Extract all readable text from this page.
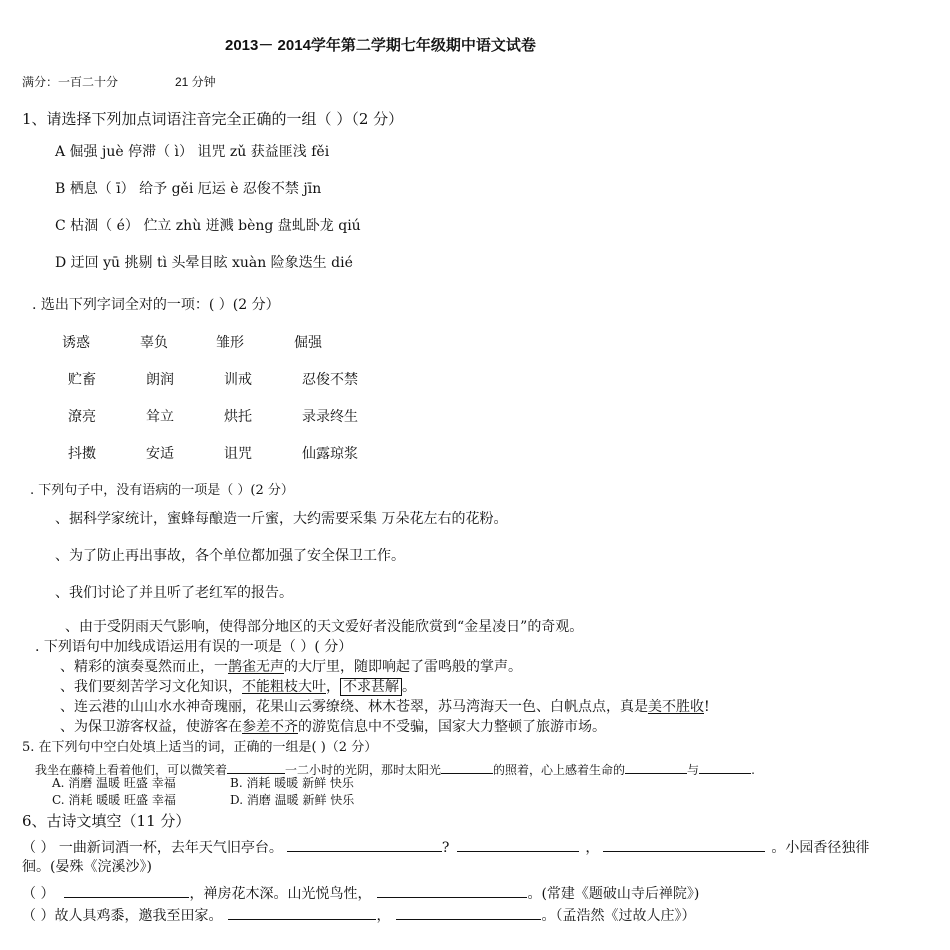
2013－ 2014学年第二学期七年级期中语文试卷
满分：一百二十分	21 分钟
1、请选择下列加点词语注音完全正确的一组（ ）（2 分）
A 倔强 juè 停滞（ ì） 诅咒 zǔ 获益匪浅 fěi
B 栖息（ ī） 给予 gěi 厄运 è 忍俊不禁 jīn
C 枯涸（ é） 伫立 zhù 迸溅 bèng 盘虬卧龙 qiú
D 迂回 yū 挑剔 tì 头晕目眩 xuàn 险象迭生 dié
. 选出下列字词全对的一项：( ）(2 分）
诱惑	辜负	雏形	倔强
贮畜	朗润	训戒	忍俊不禁
潦亮	耸立	烘托	录录终生
抖擞	安适	诅咒	仙露琼浆
. 下列句子中，没有语病的一项是（ ）(2 分）
、据科学家统计，蜜蜂每酿造一斤蜜，大约需要采集 万朵花左右的花粉。
、为了防止再出事故，各个单位都加强了安全保卫工作。
、我们讨论了并且听了老红军的报告。
、由于受阴雨天气影响，使得部分地区的天文爱好者没能欣赏到“金星凌日”的奇观。
. 下列语句中加线成语运用有误的一项是（ ）( 分）
、精彩的演奏戛然而止，一鹊雀无声的大厅里，随即响起了雷鸣般的掌声。
、我们要刻苦学习文化知识，不能粗枝大叶， 不求甚解 。
、连云港的山山水水神奇瑰丽，花果山云雾缭绕、林木苍翠，苏马湾海天一色、白帆点点，真是美不胜收!
、为保卫游客权益，使游客在参差不齐的游览信息中不受骗，国家大力整顿了旅游市场。
5. 在下列句中空白处填上适当的词，正确的一组是( )（2 分）
我坐在藤椅上看着他们，可以微笑着	一二小时的光阴，那时太阳光	的照着，心上感着生命的	与	.
A. 消磨 温暖 旺盛 幸福	B. 消耗 暖暖 新鲜 快乐
C. 消耗 暖暖 旺盛 幸福	D. 消磨 温暖 新鲜 快乐
6、古诗文填空（11 分）
（ ） 一曲新词酒一杯，去年天气旧亭台。	?	，	。小园香径独徘
徊。(晏殊《浣溪沙》)
（ ）	，禅房花木深。山光悦鸟性，	。(常建《题破山寺后禅院》)
（ ）故人具鸡黍，邀我至田家。	，	。（孟浩然《过故人庄》）
